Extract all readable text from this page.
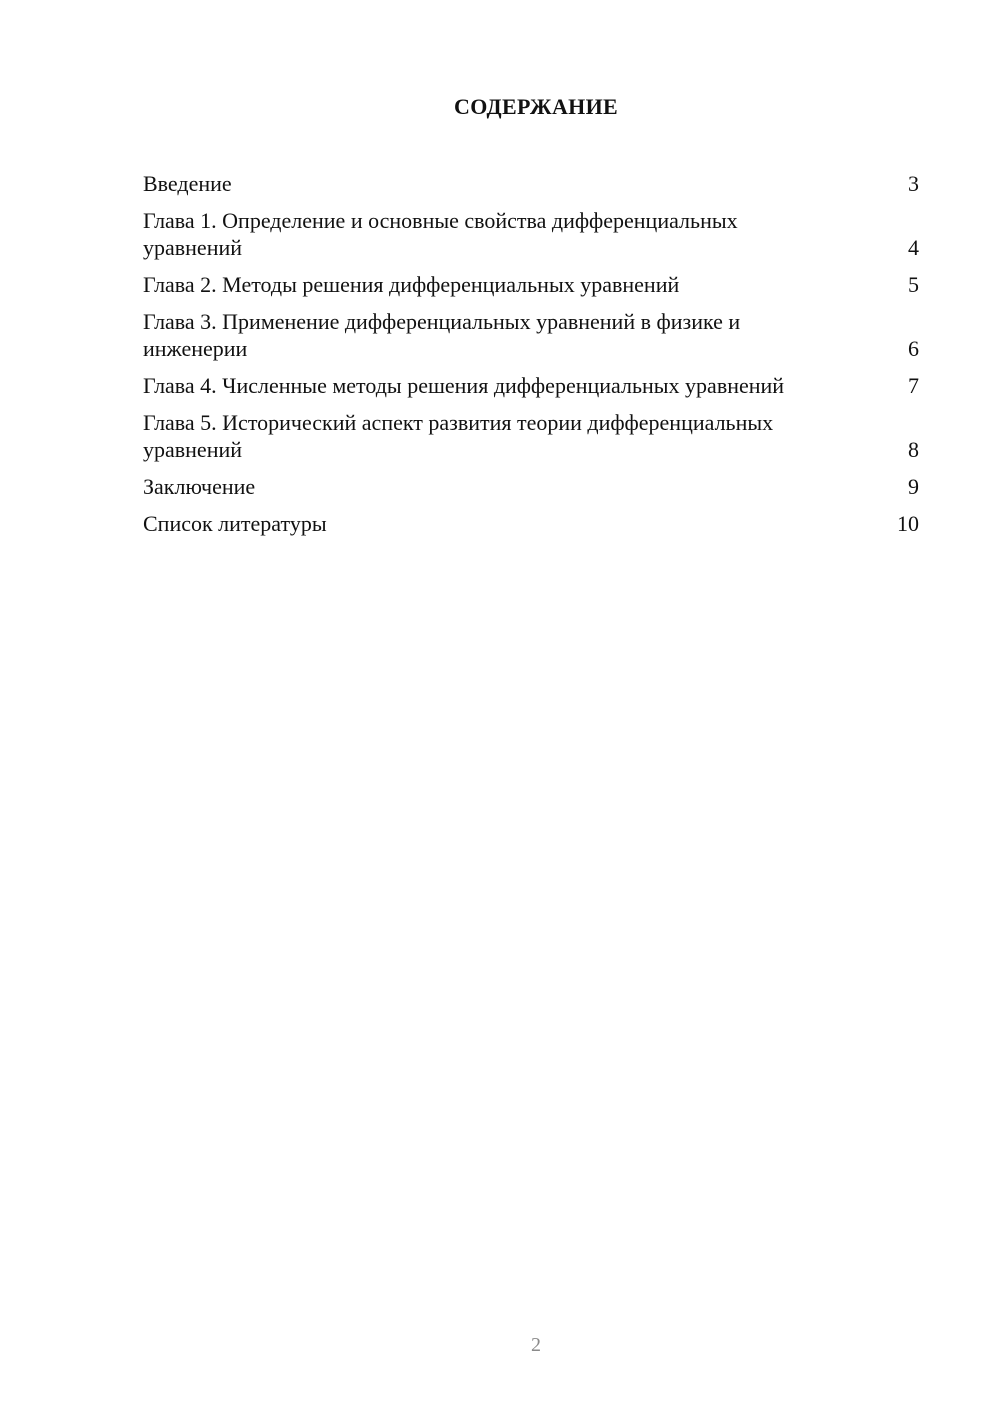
СОДЕРЖАНИЕ
Введение	3
Глава 1. Определение и основные свойства дифференциальных уравнений	4
Глава 2. Методы решения дифференциальных уравнений	5
Глава 3. Применение дифференциальных уравнений в физике и инженерии	6
Глава 4. Численные методы решения дифференциальных уравнений	7
Глава 5. Исторический аспект развития теории дифференциальных уравнений	8
Заключение	9
Список литературы	10
2
